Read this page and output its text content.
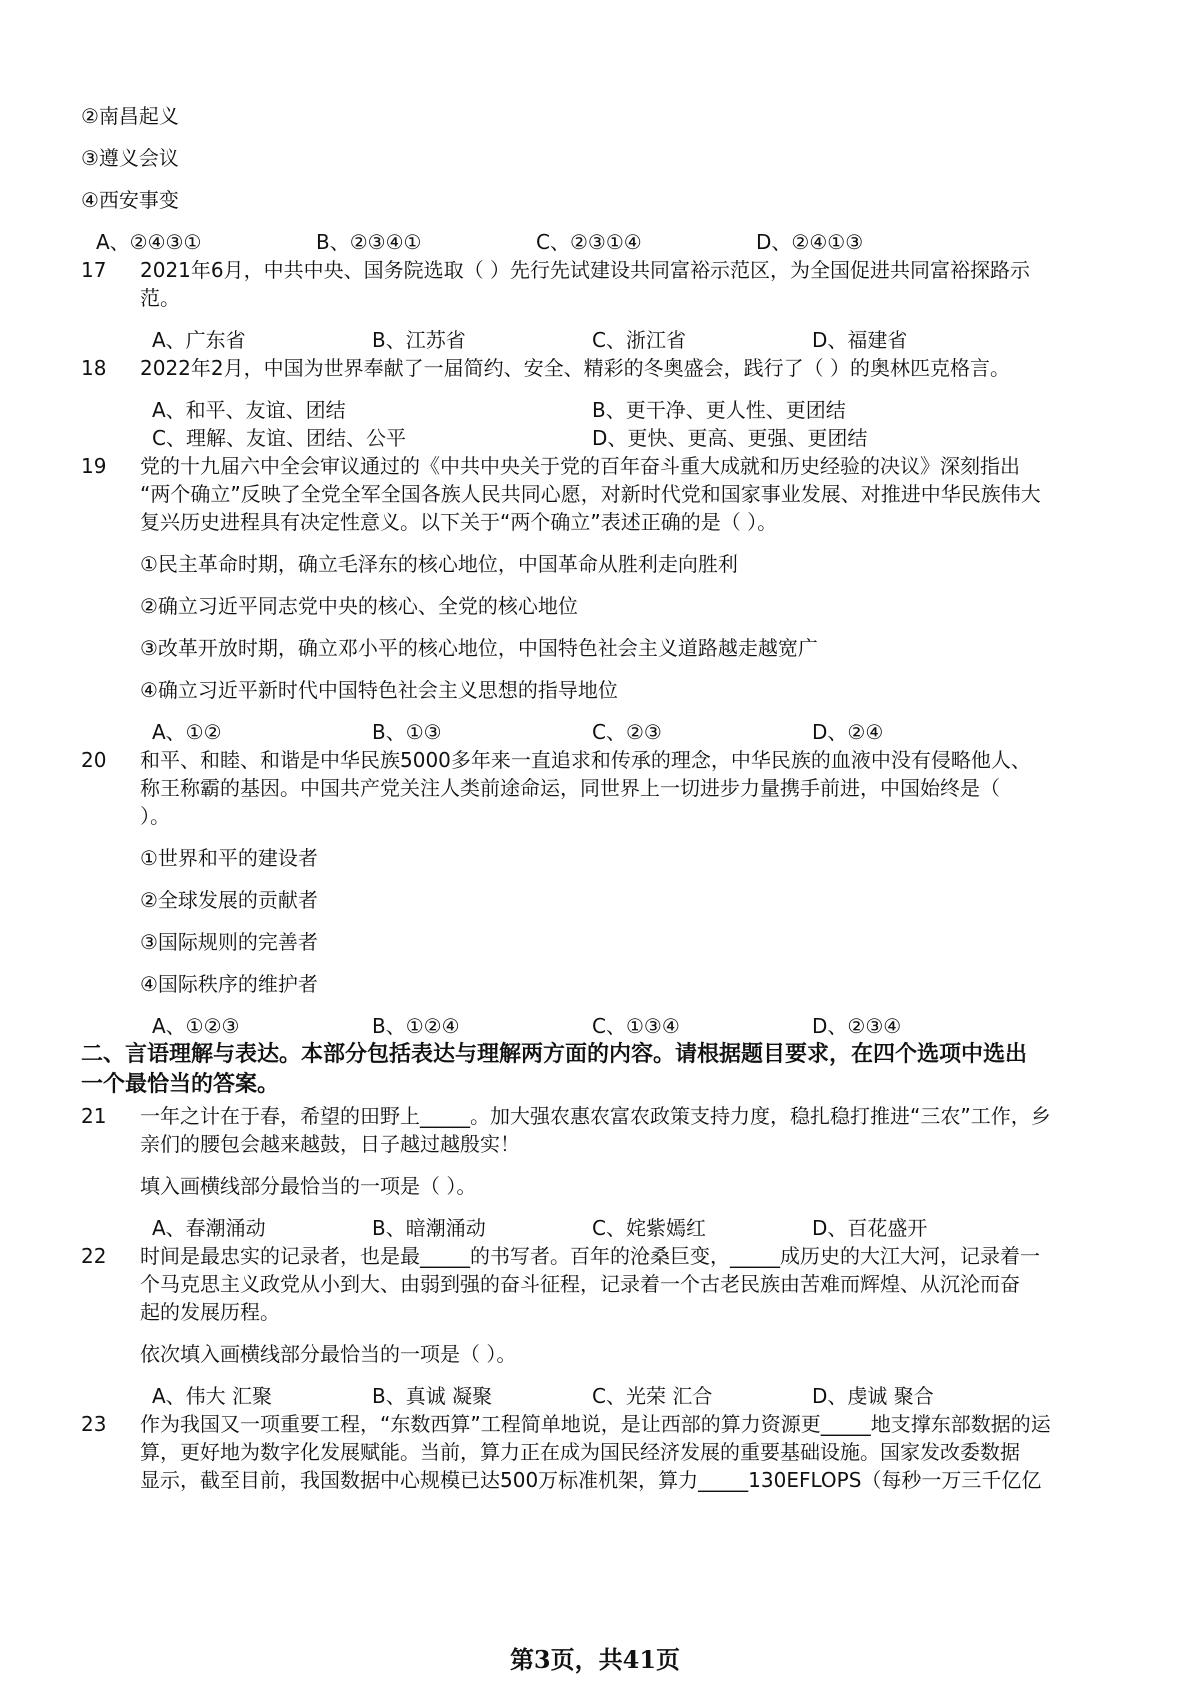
②南昌起义
③遵义会议
④西安事变
A、②④③①	B、②③④①	C、②③①④	D、②④①③
17 2021年6月，中共中央、国务院选取（ ）先行先试建设共同富裕示范区，为全国促进共同富裕探路示
范。
A、广东省	B、江苏省	C、浙江省	D、福建省
18 2022年2月，中国为世界奉献了一届简约、安全、精彩的冬奥盛会，践行了（ ）的奥林匹克格言。
A、和平、友谊、团结	B、更干净、更人性、更团结
C、理解、友谊、团结、公平	D、更快、更高、更强、更团结
19 党的十九届六中全会审议通过的《中共中央关于党的百年奋斗重大成就和历史经验的决议》深刻指出
“两个确立”反映了全党全军全国各族人民共同心愿，对新时代党和国家事业发展、对推进中华民族伟大
复兴历史进程具有决定性意义。以下关于“两个确立”表述正确的是（ ）。
①民主革命时期，确立毛泽东的核心地位，中国革命从胜利走向胜利
②确立习近平同志党中央的核心、全党的核心地位
③改革开放时期，确立邓小平的核心地位，中国特色社会主义道路越走越宽广
④确立习近平新时代中国特色社会主义思想的指导地位
A、①②	B、①③	C、②③	D、②④
20 和平、和睦、和谐是中华民族5000多年来一直追求和传承的理念，中华民族的血液中没有侵略他人、
称王称霸的基因。中国共产党关注人类前途命运，同世界上一切进步力量携手前进，中国始终是（
）。
①世界和平的建设者
②全球发展的贡献者
③国际规则的完善者
④国际秩序的维护者
A、①②③	B、①②④	C、①③④	D、②③④
二、言语理解与表达。本部分包括表达与理解两方面的内容。请根据题目要求，在四个选项中选出
一个最恰当的答案。
21 一年之计在于春，希望的田野上_____。加大强农惠农富农政策支持力度，稳扎稳打推进“三农”工作，乡
亲们的腰包会越来越鼓，日子越过越殷实！
填入画横线部分最恰当的一项是（ ）。
A、春潮涌动	B、暗潮涌动	C、姹紫嫣红	D、百花盛开
22 时间是最忠实的记录者，也是最_____的书写者。百年的沧桑巨变，_____成历史的大江大河，记录着一
个马克思主义政党从小到大、由弱到强的奋斗征程，记录着一个古老民族由苦难而辉煌、从沉沦而奋
起的发展历程。
依次填入画横线部分最恰当的一项是（ ）。
A、伟大 汇聚	B、真诚 凝聚	C、光荣 汇合	D、虔诚 聚合
23 作为我国又一项重要工程，“东数西算”工程简单地说，是让西部的算力资源更_____地支撑东部数据的运
算，更好地为数字化发展赋能。当前，算力正在成为国民经济发展的重要基础设施。国家发改委数据
显示，截至目前，我国数据中心规模已达500万标准机架，算力_____130EFLOPS（每秒一万三千亿亿
第3页，共41页
